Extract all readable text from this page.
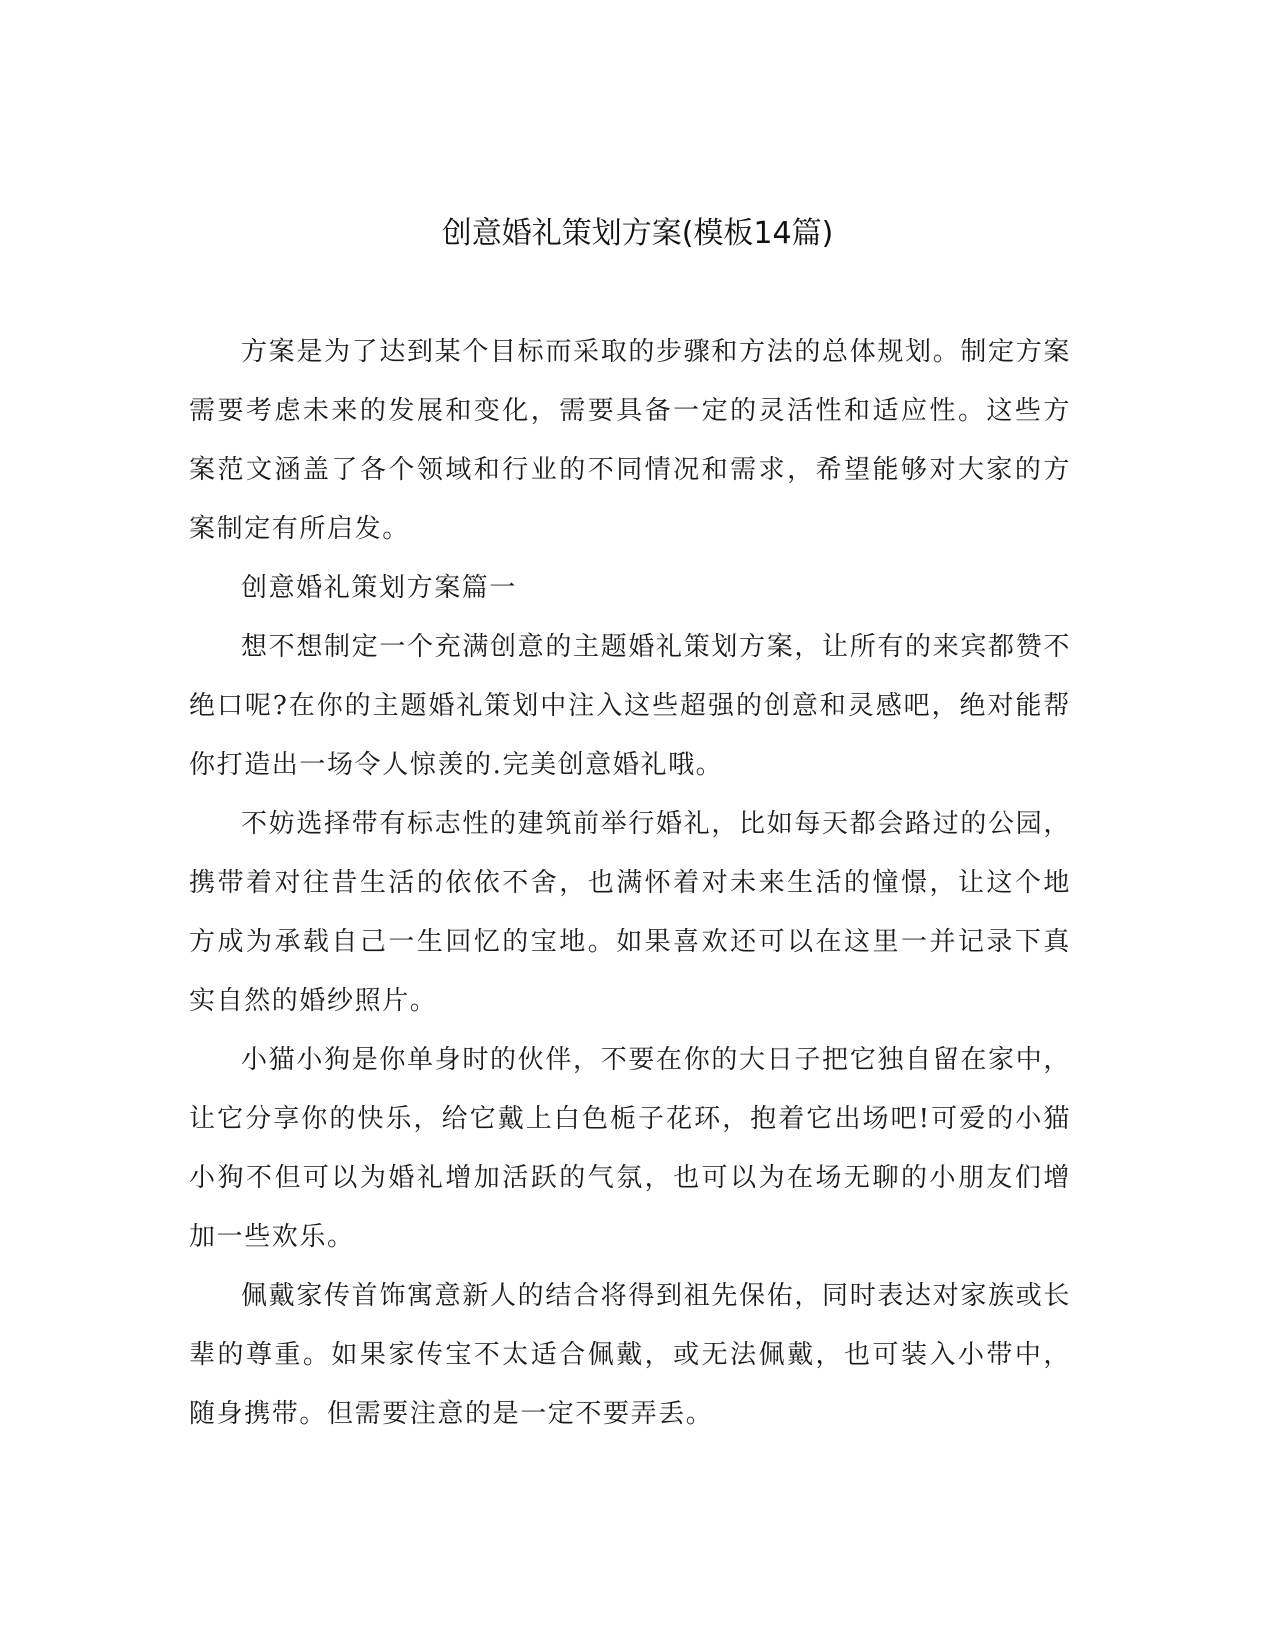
创意婚礼策划方案(模板14篇)

方案是为了达到某个目标而采取的步骤和方法的总体规划。制定方案需要考虑未来的发展和变化，需要具备一定的灵活性和适应性。这些方案范文涵盖了各个领域和行业的不同情况和需求，希望能够对大家的方案制定有所启发。

创意婚礼策划方案篇一

想不想制定一个充满创意的主题婚礼策划方案，让所有的来宾都赞不绝口呢?在你的主题婚礼策划中注入这些超强的创意和灵感吧，绝对能帮你打造出一场令人惊羡的.完美创意婚礼哦。

不妨选择带有标志性的建筑前举行婚礼，比如每天都会路过的公园，携带着对往昔生活的依依不舍，也满怀着对未来生活的憧憬，让这个地方成为承载自己一生回忆的宝地。如果喜欢还可以在这里一并记录下真实自然的婚纱照片。

小猫小狗是你单身时的伙伴，不要在你的大日子把它独自留在家中，让它分享你的快乐，给它戴上白色栀子花环，抱着它出场吧!可爱的小猫小狗不但可以为婚礼增加活跃的气氛，也可以为在场无聊的小朋友们增加一些欢乐。

佩戴家传首饰寓意新人的结合将得到祖先保佑，同时表达对家族或长辈的尊重。如果家传宝不太适合佩戴，或无法佩戴，也可装入小带中，随身携带。但需要注意的是一定不要弄丢。
